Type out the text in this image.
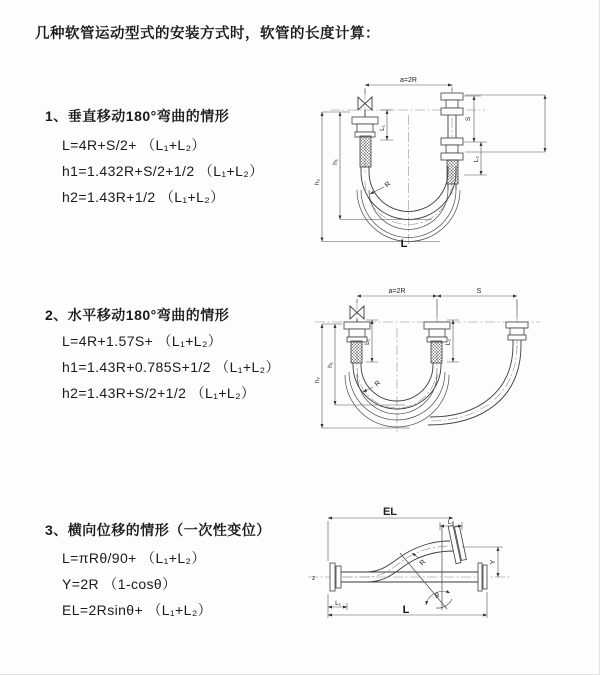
几种软管运动型式的安装方式时，软管的长度计算：
1、垂直移动180°弯曲的情形
L=4R+S/2+ （L₁+L₂）
h1=1.432R+S/2+1/2 （L₁+L₂）
h2=1.43R+1/2 （L₁+L₂）
a=2R
L₁
h₁
h₂
S
L₂
R
L
2、水平移动180°弯曲的情形
L=4R+1.57S+ （L₁+L₂）
h1=1.43R+0.785S+1/2 （L₁+L₂）
h2=1.43R+S/2+1/2 （L₁+L₂）
a=2R	S
L₁	L₂
h₁
h₂	R
3、横向位移的情形（一次性变位）
L=πRθ/90+ （L₁+L₂）
Y=2R （1-cosθ）
EL=2Rsinθ+ （L₁+L₂）
z
θ
EL
L₂
Y
R
L₁
L
